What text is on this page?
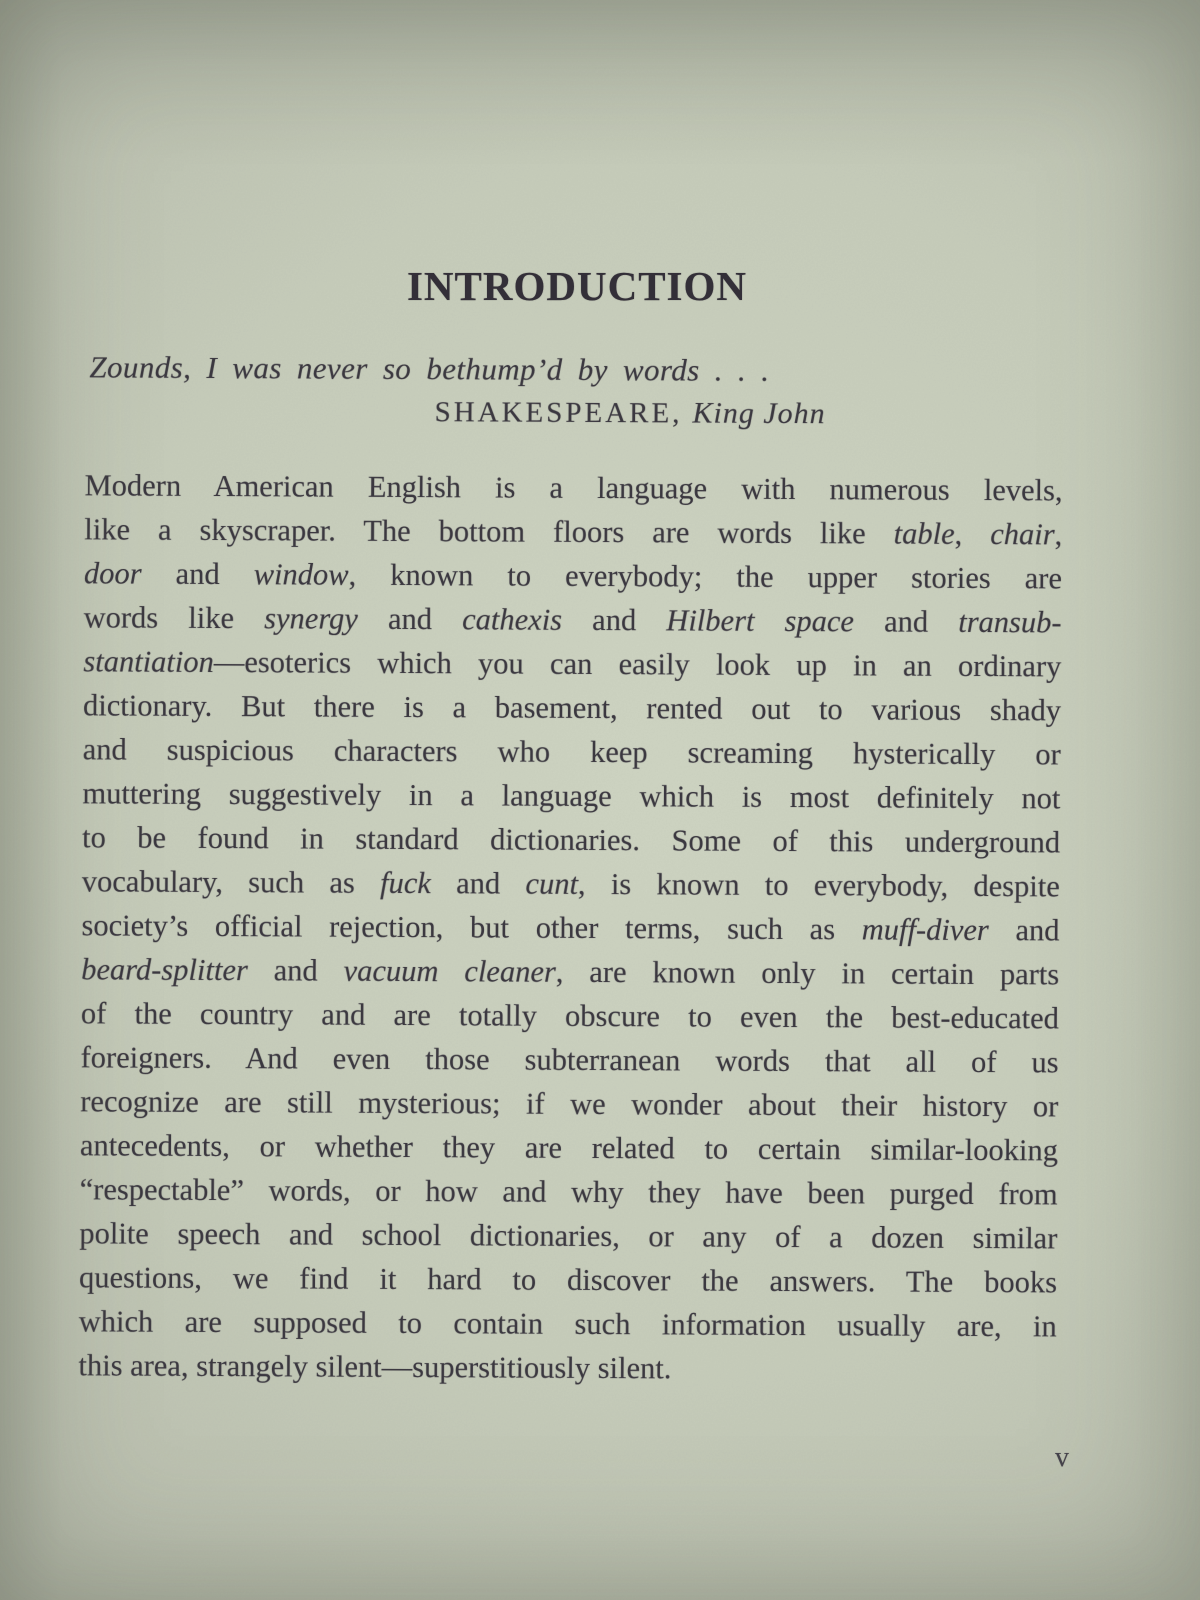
INTRODUCTION
Zounds, I was never so bethump’d by words . . .
SHAKESPEARE, King John
Modern American English is a language with numerous levels,
like a skyscraper. The bottom floors are words like table, chair,
door and window, known to everybody; the upper stories are
words like synergy and cathexis and Hilbert space and transub-
stantiation—esoterics which you can easily look up in an ordinary
dictionary. But there is a basement, rented out to various shady
and suspicious characters who keep screaming hysterically or
muttering suggestively in a language which is most definitely not
to be found in standard dictionaries. Some of this underground
vocabulary, such as fuck and cunt, is known to everybody, despite
society’s official rejection, but other terms, such as muff-diver and
beard-splitter and vacuum cleaner, are known only in certain parts
of the country and are totally obscure to even the best-educated
foreigners. And even those subterranean words that all of us
recognize are still mysterious; if we wonder about their history or
antecedents, or whether they are related to certain similar-looking
“respectable” words, or how and why they have been purged from
polite speech and school dictionaries, or any of a dozen similar
questions, we find it hard to discover the answers. The books
which are supposed to contain such information usually are, in
this area, strangely silent—superstitiously silent.
v
